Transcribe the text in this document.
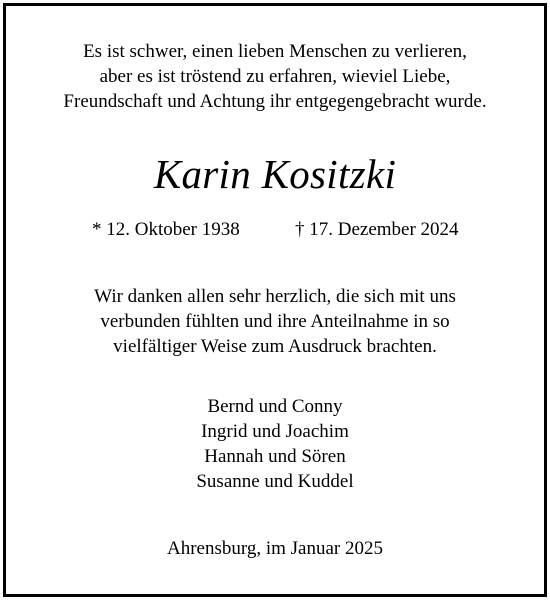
Es ist schwer, einen lieben Menschen zu verlieren,
aber es ist tröstend zu erfahren, wieviel Liebe,
Freundschaft und Achtung ihr entgegengebracht wurde.
Karin Kositzki
* 12. Oktober 1938	† 17. Dezember 2024
Wir danken allen sehr herzlich, die sich mit uns
verbunden fühlten und ihre Anteilnahme in so
vielfältiger Weise zum Ausdruck brachten.
Bernd und Conny
Ingrid und Joachim
Hannah und Sören
Susanne und Kuddel
Ahrensburg, im Januar 2025
